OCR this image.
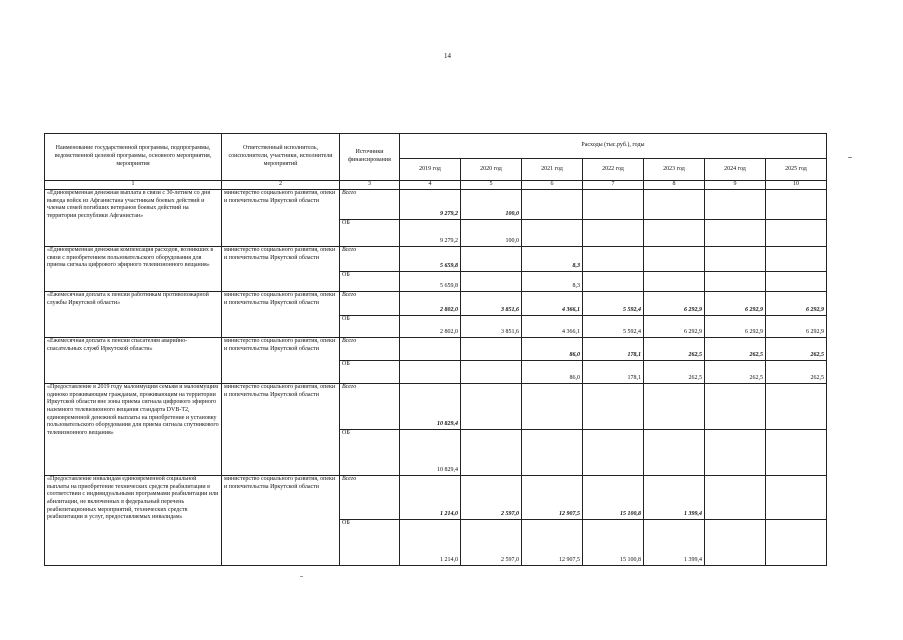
14
Наименование государственной программы, подпрограммы, ведомственной целевой программы, основного мероприятия, мероприятия	Ответственный исполнитель, соисполнители, участники, исполнители мероприятий	Источники финансирования	Расходы (тыс.руб.), годы						
			2019 год	2020 год	2021 год	2022 год	2023 год	2024 год	2025 год
1	2	3	4	5	6	7	8	9	10
«Единовременная денежная выплата в связи с 30-летием со дня вывода войск из Афганистана участникам боевых действий и членам семей погибших ветеранов боевых действий на территории республики Афганистан»	министерство социального развития, опеки и попечительства Иркутской области	Всего	9 279,2	100,0					
		ОБ	9 279,2	100,0					
«Единовременная денежная компенсация расходов, возникших в связи с приобретением пользовательского оборудования для приема сигнала цифрового эфирного телевизионного вещания»	министерство социального развития, опеки и попечительства Иркутской области	Всего	5 659,8		8,3				
		ОБ	5 659,8		8,3				
«Ежемесячная доплата к пенсии работникам противопожарной службы Иркутской области»	министерство социального развития, опеки и попечительства Иркутской области	Всего	2 802,0	3 851,6	4 366,1	5 592,4	6 292,9	6 292,9	6 292,9
		ОБ	2 802,0	3 851,6	4 366,1	5 592,4	6 292,9	6 292,9	6 292,9
«Ежемесячная доплата к пенсии спасателям аварийно-спасательных служб Иркутской области»	министерство социального развития, опеки и попечительства Иркутской области	Всего			86,0	178,1	262,5	262,5	262,5
		ОБ			86,0	178,1	262,5	262,5	262,5
«Предоставление в 2019 году малоимущим семьям и малоимущим одиноко проживающим гражданам, проживающим на территории Иркутской области вне зоны приема сигнала цифрового эфирного наземного телевизионного вещания стандарта DVB-T2, единовременной денежной выплаты на приобретение и установку пользовательского оборудования для приема сигнала спутникового телевизионного вещания»	министерство социального развития, опеки и попечительства Иркутской области	Всего	10 829,4						
		ОБ	10 829,4						
«Предоставление инвалидам единовременной социальной выплаты на приобретение технических средств реабилитации в соответствии с индивидуальными программами реабилитации или абилитации, не включенных в федеральный перечень реабилитационных мероприятий, технических средств реабилитации и услуг, предоставляемых инвалидам»	министерство социального развития, опеки и попечительства Иркутской области	Всего	1 214,0	2 597,0	12 907,5	15 100,8	1 399,4		
		ОБ	1 214,0	2 597,0	12 907,5	15 100,8	1 399,4		
